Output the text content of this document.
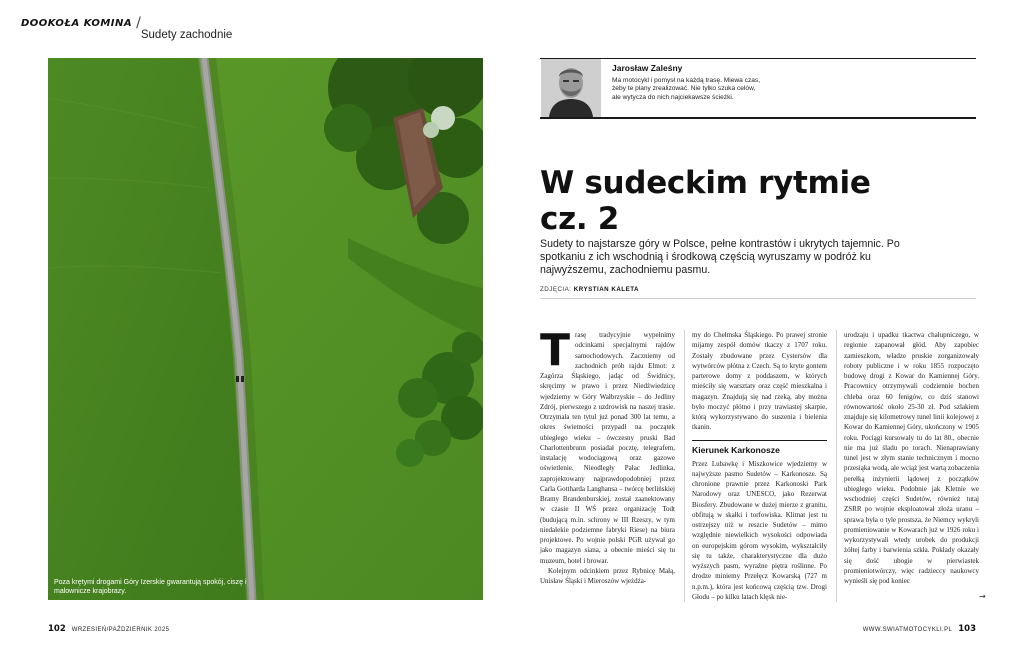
DOOKOŁA KOMINA /
Sudety zachodnie
Poza krętymi drogami Góry Izerskie gwarantują spokój, ciszę i malownicze krajobrazy.
Jarosław Zaleśny
Ma motocykl i pomysł na każdą trasę. Miewa czas, żeby te plany zrealizować. Nie tylko szuka celów, ale wytycza do nich najciekawsze ścieżki.
W sudeckim rytmie
cz. 2
Sudety to najstarsze góry w Polsce, pełne kontrastów i ukrytych tajemnic. Po spotkaniu z ich wschodnią i środkową częścią wyruszamy w podróż ku najwyższemu, zachodniemu pasmu.
ZDJĘCIA: KRYSTIAN KALETA
T rasę tradycyjnie wypełnimy odcinkami specjalnymi rajdów samochodowych. Zaczniemy od zachodnich prób rajdu Elmot: z Zagórza Śląskiego, jadąc od Świdnicy, skręcimy w prawo i przez Niedźwiedzicę wjedziemy w Góry Wałbrzyskie – do Jedliny Zdrój, pierwszego z uzdrowisk na naszej trasie. Otrzymała ten tytuł już ponad 300 lat temu, a okres świetności przypadł na początek ubiegłego wieku – ówczesny pruski Bad Charlottenbrunn posiadał pocztę, telegrafem, instalację wodociągową oraz gazowe oświetlenie. Nieodległy Pałac Jedlinka, zaprojektowany najprawdopodobniej przez Carla Gottharda Langhansa – twórcę berlińskiej Bramy Brandenburskiej, został zaanektowany w czasie II WŚ przez organizację Todt (budującą m.in. schrony w III Rzeszy, w tym niedalekie podziemne fabryki Riese) na biura projektowe. Po wojnie polski PGR używał go jako magazyn siana, a obecnie mieści się tu muzeum, hotel i browar.

Kolejnym odcinkiem przez Rybnicę Małą, Unisław Śląski i Mieroszów wjeżdża-

my do Chełmska Śląskiego. Po prawej stronie mijamy zespół domów tkaczy z 1707 roku. Zostały zbudowane przez Cystersów dla wytwórców płótna z Czech. Są to kryte gontem parterowe domy z poddaszem, w których mieściły się warsztaty oraz część mieszkalna i magazyn. Znajdują się nad rzeką, aby można było moczyć płótno i przy trawiastej skarpie, którą wykorzystywano do suszenia i bielenia tkanin.

Kierunek Karkonosze

Przez Lubawkę i Miszkowice wjedziemy w najwyższe pasmo Sudetów – Karkonosze. Są chronione prawnie przez Karkonoski Park Narodowy oraz UNESCO, jako Rezerwat Biosfery. Zbudowane w dużej mierze z granitu, obfitują w skałki i torfowiska. Klimat jest tu ostrzejszy niż w reszcie Sudetów – mimo względnie niewielkich wysokości odpowiada on europejskim górom wysokim, wykształciły się tu także, charakterystyczne dla dużo wyższych pasm, wyraźne piętra roślinne. Po drodze miniemy Przełęcz Kowarską (727 m n.p.m.), która jest końcową częścią tzw. Drogi Głodu – po kilku latach klęsk nie-

urodzaju i upadku tkactwa chałupniczego, w regionie zapanował głód. Aby zapobiec zamieszkom, władze pruskie zorganizowały roboty publiczne i w roku 1855 rozpoczęto budowę drogi z Kowar do Kamiennej Góry. Pracownicy otrzymywali codziennie bochen chleba oraz 60 fenigów, co dziś stanowi równowartość około 25-30 zł. Pod szlakiem znajduje się kilometrowy tunel linii kolejowej z Kowar do Kamiennej Góry, ukończony w 1905 roku. Pociągi kursowały tu do lat 80., obecnie nie ma już śladu po torach. Nienaprawiany tunel jest w złym stanie technicznym i mocno przesiąka wodą, ale wciąż jest wartą zobaczenia perełką inżynierii lądowej z początków ubiegłego wieku. Podobnie jak Kletnie we wschodniej części Sudetów, również tutaj ZSRR po wojnie eksploatował złoża uranu – sprawa była o tyle prostsza, że Niemcy wykryli promieniowanie w Kowarach już w 1926 roku i wykorzystywali wtedy urobek do produkcji żółtej farby i barwienia szkła. Pokłady okazały się dość ubogie w pierwiastek promieniotwórczy, więc radzieccy naukowcy wynieśli się pod koniec

→
102 WRZESIEŃ/PAŹDZIERNIK 2025	WWW.SWIATMOTOCYKLI.PL 103
